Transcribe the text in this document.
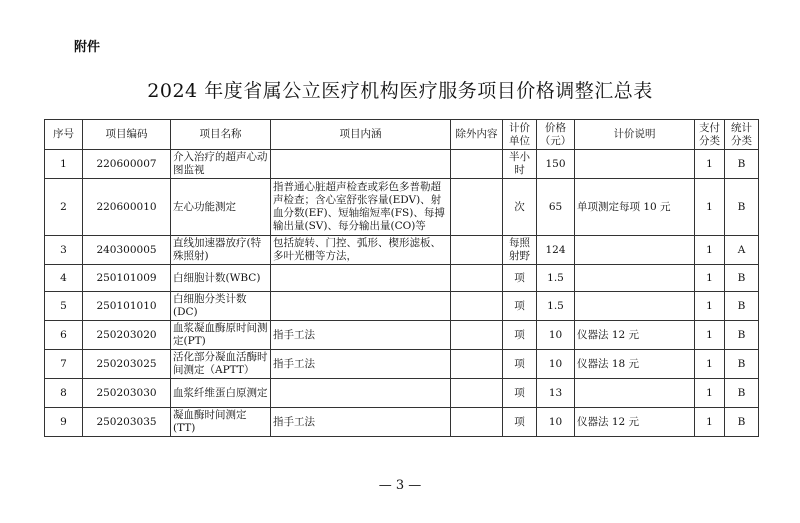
附件
2024 年度省属公立医疗机构医疗服务项目价格调整汇总表
序号	项目编码	项目名称	项目内涵	除外内容	计价单位	价格（元）	计价说明	支付分类	统计分类
1	220600007	介入治疗的超声心动图监视			半小时	150		1	B
2	220600010	左心功能测定	指普通心脏超声检查或彩色多普勒超声检查；含心室舒张容量(EDV)、射血分数(EF)、短轴缩短率(FS)、每搏输出量(SV)、每分输出量(CO)等		次	65	单项测定每项 10 元	1	B
3	240300005	直线加速器放疗(特殊照射)	包括旋转、门控、弧形、楔形滤板、多叶光栅等方法，		每照射野	124		1	A
4	250101009	白细胞计数(WBC)			项	1.5		1	B
5	250101010	白细胞分类计数(DC)			项	1.5		1	B
6	250203020	血浆凝血酶原时间测定(PT)	指手工法		项	10	仪器法 12 元	1	B
7	250203025	活化部分凝血活酶时间测定（APTT）	指手工法		项	10	仪器法 18 元	1	B
8	250203030	血浆纤维蛋白原测定			项	13		1	B
9	250203035	凝血酶时间测定(TT)	指手工法		项	10	仪器法 12 元	1	B
— 3 —
